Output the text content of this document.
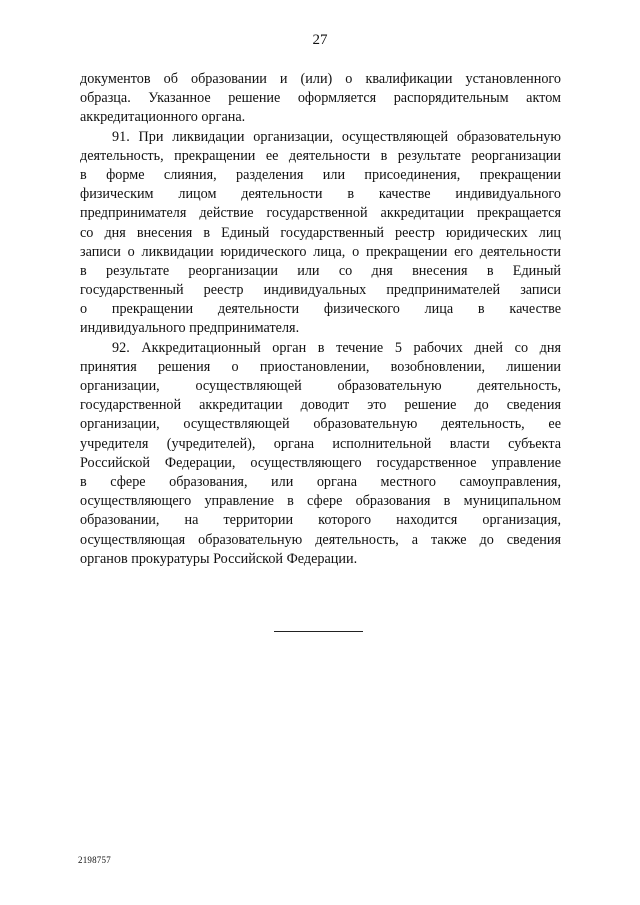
27
документов об образовании и (или) о квалификации установленного
образца. Указанное решение оформляется распорядительным актом
аккредитационного органа.
91. При ликвидации организации, осуществляющей образовательную
деятельность, прекращении ее деятельности в результате реорганизации
в форме слияния, разделения или присоединения, прекращении
физическим лицом деятельности в качестве индивидуального
предпринимателя действие государственной аккредитации прекращается
со дня внесения в Единый государственный реестр юридических лиц
записи о ликвидации юридического лица, о прекращении его деятельности
в результате реорганизации или со дня внесения в Единый
государственный реестр индивидуальных предпринимателей записи
о прекращении деятельности физического лица в качестве
индивидуального предпринимателя.
92. Аккредитационный орган в течение 5 рабочих дней со дня
принятия решения о приостановлении, возобновлении, лишении
организации, осуществляющей образовательную деятельность,
государственной аккредитации доводит это решение до сведения
организации, осуществляющей образовательную деятельность, ее
учредителя (учредителей), органа исполнительной власти субъекта
Российской Федерации, осуществляющего государственное управление
в сфере образования, или органа местного самоуправления,
осуществляющего управление в сфере образования в муниципальном
образовании, на территории которого находится организация,
осуществляющая образовательную деятельность, а также до сведения
органов прокуратуры Российской Федерации.
2198757
